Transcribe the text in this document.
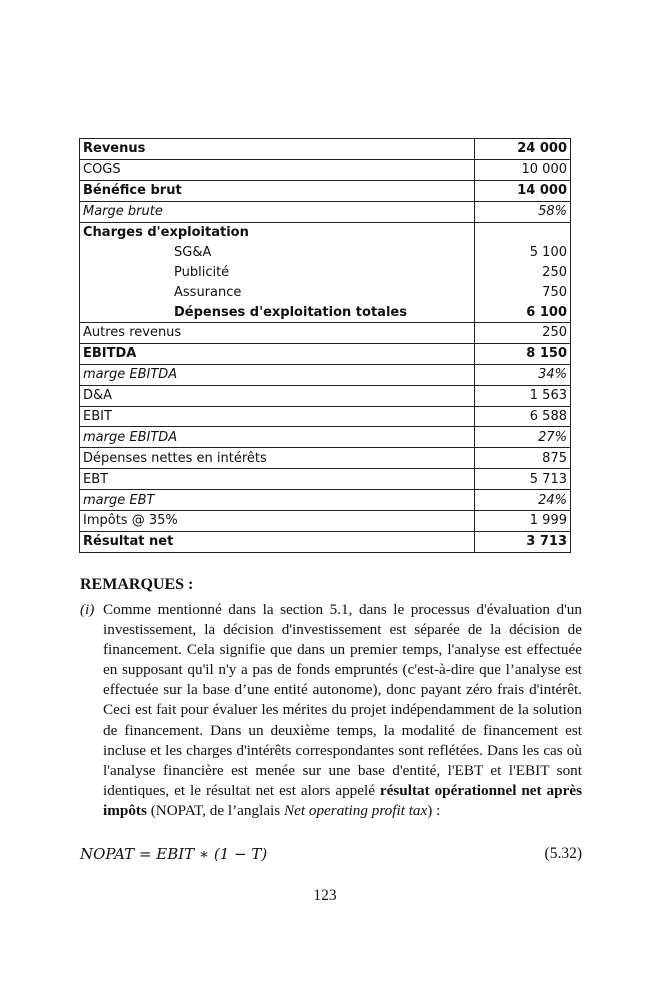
Revenus	24 000
COGS	10 000
Bénéfice brut	14 000
Marge brute	58%
Charges d'exploitation	
SG&A	5 100
Publicité	250
Assurance	750
Dépenses d'exploitation totales	6 100
Autres revenus	250
EBITDA	8 150
marge EBITDA	34%
D&A	1 563
EBIT	6 588
marge EBITDA	27%
Dépenses nettes en intérêts	875
EBT	5 713
marge EBT	24%
Impôts @ 35%	1 999
Résultat net	3 713
REMARQUES :
(i) Comme mentionné dans la section 5.1, dans le processus d'évaluation d'un investissement, la décision d'investissement est séparée de la décision de financement. Cela signifie que dans un premier temps, l'analyse est effectuée en supposant qu'il n'y a pas de fonds empruntés (c'est-à-dire que l’analyse est effectuée sur la base d’une entité autonome), donc payant zéro frais d'intérêt. Ceci est fait pour évaluer les mérites du projet indépendamment de la solution de financement. Dans un deuxième temps, la modalité de financement est incluse et les charges d'intérêts correspondantes sont reflétées. Dans les cas où l'analyse financière est menée sur une base d'entité, l'EBT et l'EBIT sont identiques, et le résultat net est alors appelé résultat opérationnel net après impôts (NOPAT, de l’anglais Net operating profit tax) :
NOPAT = EBIT ∗ (1 − T)	(5.32)
123
